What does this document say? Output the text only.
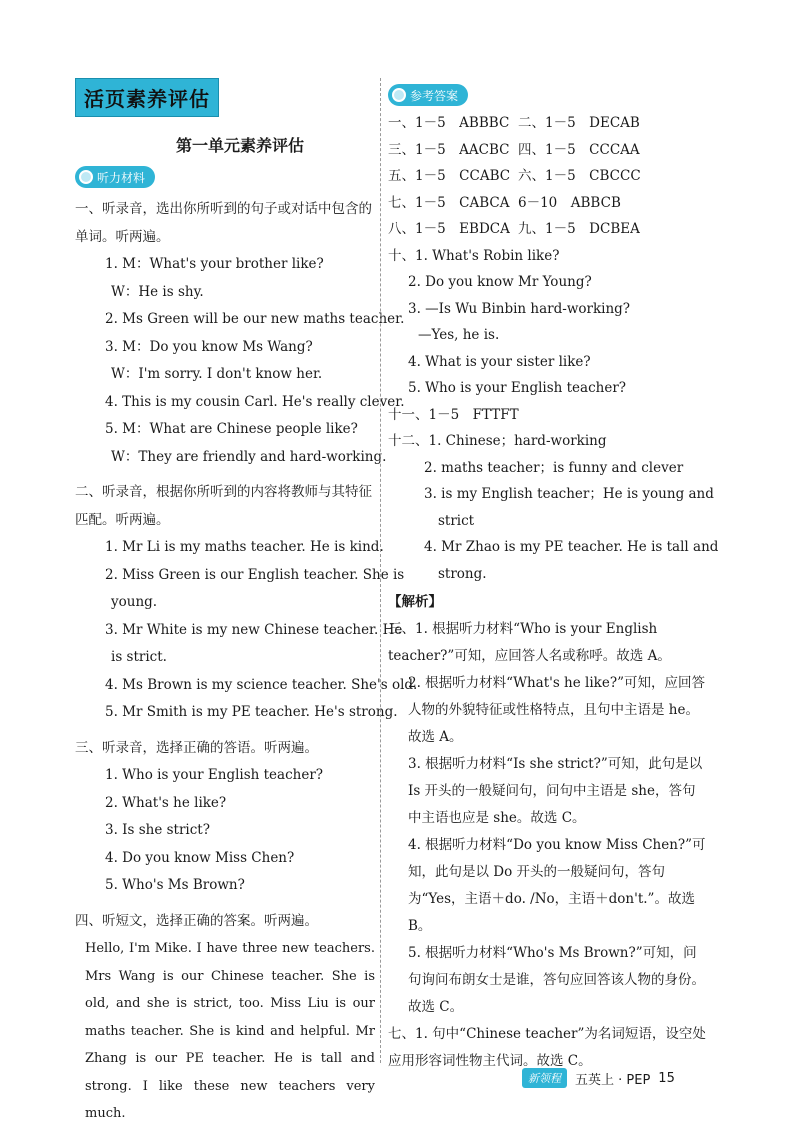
活页素养评估
第一单元素养评估
听力材料
一、听录音，选出你所听到的句子或对话中包含的单词。听两遍。
1. M：What's your brother like?
W：He is shy.
2. Ms Green will be our new maths teacher.
3. M：Do you know Ms Wang?
W：I'm sorry. I don't know her.
4. This is my cousin Carl. He's really clever.
5. M：What are Chinese people like?
W：They are friendly and hard-working.
二、听录音，根据你所听到的内容将教师与其特征匹配。听两遍。
1. Mr Li is my maths teacher. He is kind.
2. Miss Green is our English teacher. She is
young.
3. Mr White is my new Chinese teacher. He
is strict.
4. Ms Brown is my science teacher. She's old.
5. Mr Smith is my PE teacher. He's strong.
三、听录音，选择正确的答语。听两遍。
1. Who is your English teacher?
2. What's he like?
3. Is she strict?
4. Do you know Miss Chen?
5. Who's Ms Brown?
四、听短文，选择正确的答案。听两遍。
Hello, I'm Mike. I have three new teachers. Mrs Wang is our Chinese teacher. She is old, and she is strict, too. Miss Liu is our maths teacher. She is kind and helpful. Mr Zhang is our PE teacher. He is tall and strong. I like these new teachers very much.
参考答案
一、1－5　ABBBC 二、1－5　DECAB
三、1－5　AACBC 四、1－5　CCCAA
五、1－5　CCABC 六、1－5　CBCCC
七、1－5　CABCA 6－10　ABBCB
八、1－5　EBDCA 九、1－5　DCBEA
十、1. What's Robin like?
2. Do you know Mr Young?
3. —Is Wu Binbin hard-working?
—Yes, he is.
4. What is your sister like?
5. Who is your English teacher?
十一、1－5　FTTFT
十二、1. Chinese；hard-working
2. maths teacher；is funny and clever
3. is my English teacher；He is young and
strict
4. Mr Zhao is my PE teacher. He is tall and
strong.
【解析】
三、1. 根据听力材料“Who is your English teacher?”可知，应回答人名或称呼。故选 A。
2. 根据听力材料“What's he like?”可知，应回答人物的外貌特征或性格特点，且句中主语是 he。故选 A。
3. 根据听力材料“Is she strict?”可知，此句是以 Is 开头的一般疑问句，问句中主语是 she，答句中主语也应是 she。故选 C。
4. 根据听力材料“Do you know Miss Chen?”可知，此句是以 Do 开头的一般疑问句，答句为“Yes，主语＋do. /No，主语＋don't.”。故选 B。
5. 根据听力材料“Who's Ms Brown?”可知，问句询问布朗女士是谁，答句应回答该人物的身份。故选 C。
七、1. 句中“Chinese teacher”为名词短语，设空处应用形容词性物主代词。故选 C。
新领程	五英上 · PEP 15
